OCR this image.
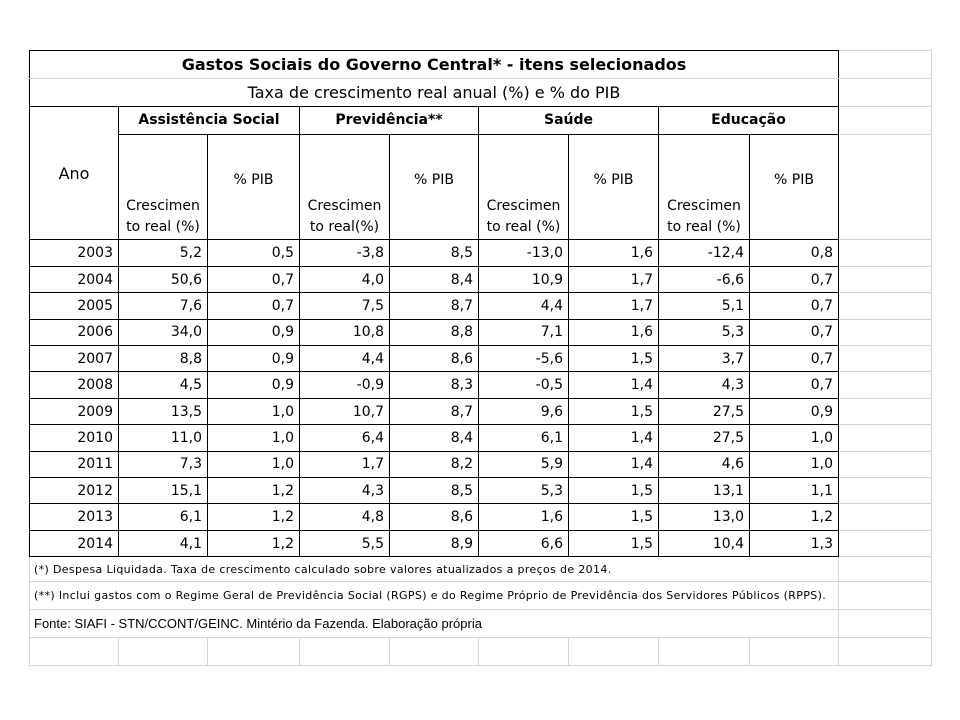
Gastos Sociais do Governo Central* - itens selecionados									
Taxa de crescimento real anual (%) e % do PIB									
Ano	Assistência Social		Previdência**		Saúde		Educação		
	Crescimen to real (%)	% PIB	Crescimen to real(%)	% PIB	Crescimen to real (%)	% PIB	Crescimen to real (%)	% PIB	
2003	5,2	0,5	-3,8	8,5	-13,0	1,6	-12,4	0,8	
2004	50,6	0,7	4,0	8,4	10,9	1,7	-6,6	0,7	
2005	7,6	0,7	7,5	8,7	4,4	1,7	5,1	0,7	
2006	34,0	0,9	10,8	8,8	7,1	1,6	5,3	0,7	
2007	8,8	0,9	4,4	8,6	-5,6	1,5	3,7	0,7	
2008	4,5	0,9	-0,9	8,3	-0,5	1,4	4,3	0,7	
2009	13,5	1,0	10,7	8,7	9,6	1,5	27,5	0,9	
2010	11,0	1,0	6,4	8,4	6,1	1,4	27,5	1,0	
2011	7,3	1,0	1,7	8,2	5,9	1,4	4,6	1,0	
2012	15,1	1,2	4,3	8,5	5,3	1,5	13,1	1,1	
2013	6,1	1,2	4,8	8,6	1,6	1,5	13,0	1,2	
2014	4,1	1,2	5,5	8,9	6,6	1,5	10,4	1,3	
(*) Despesa Liquidada. Taxa de crescimento calculado sobre valores atualizados a preços de 2014.									
(**) Inclui gastos com o Regime Geral de Previdência Social (RGPS) e do Regime Próprio de Previdência dos Servidores Públicos (RPPS).									
Fonte: SIAFI - STN/CCONT/GEINC. Mintério da Fazenda. Elaboração própria									
